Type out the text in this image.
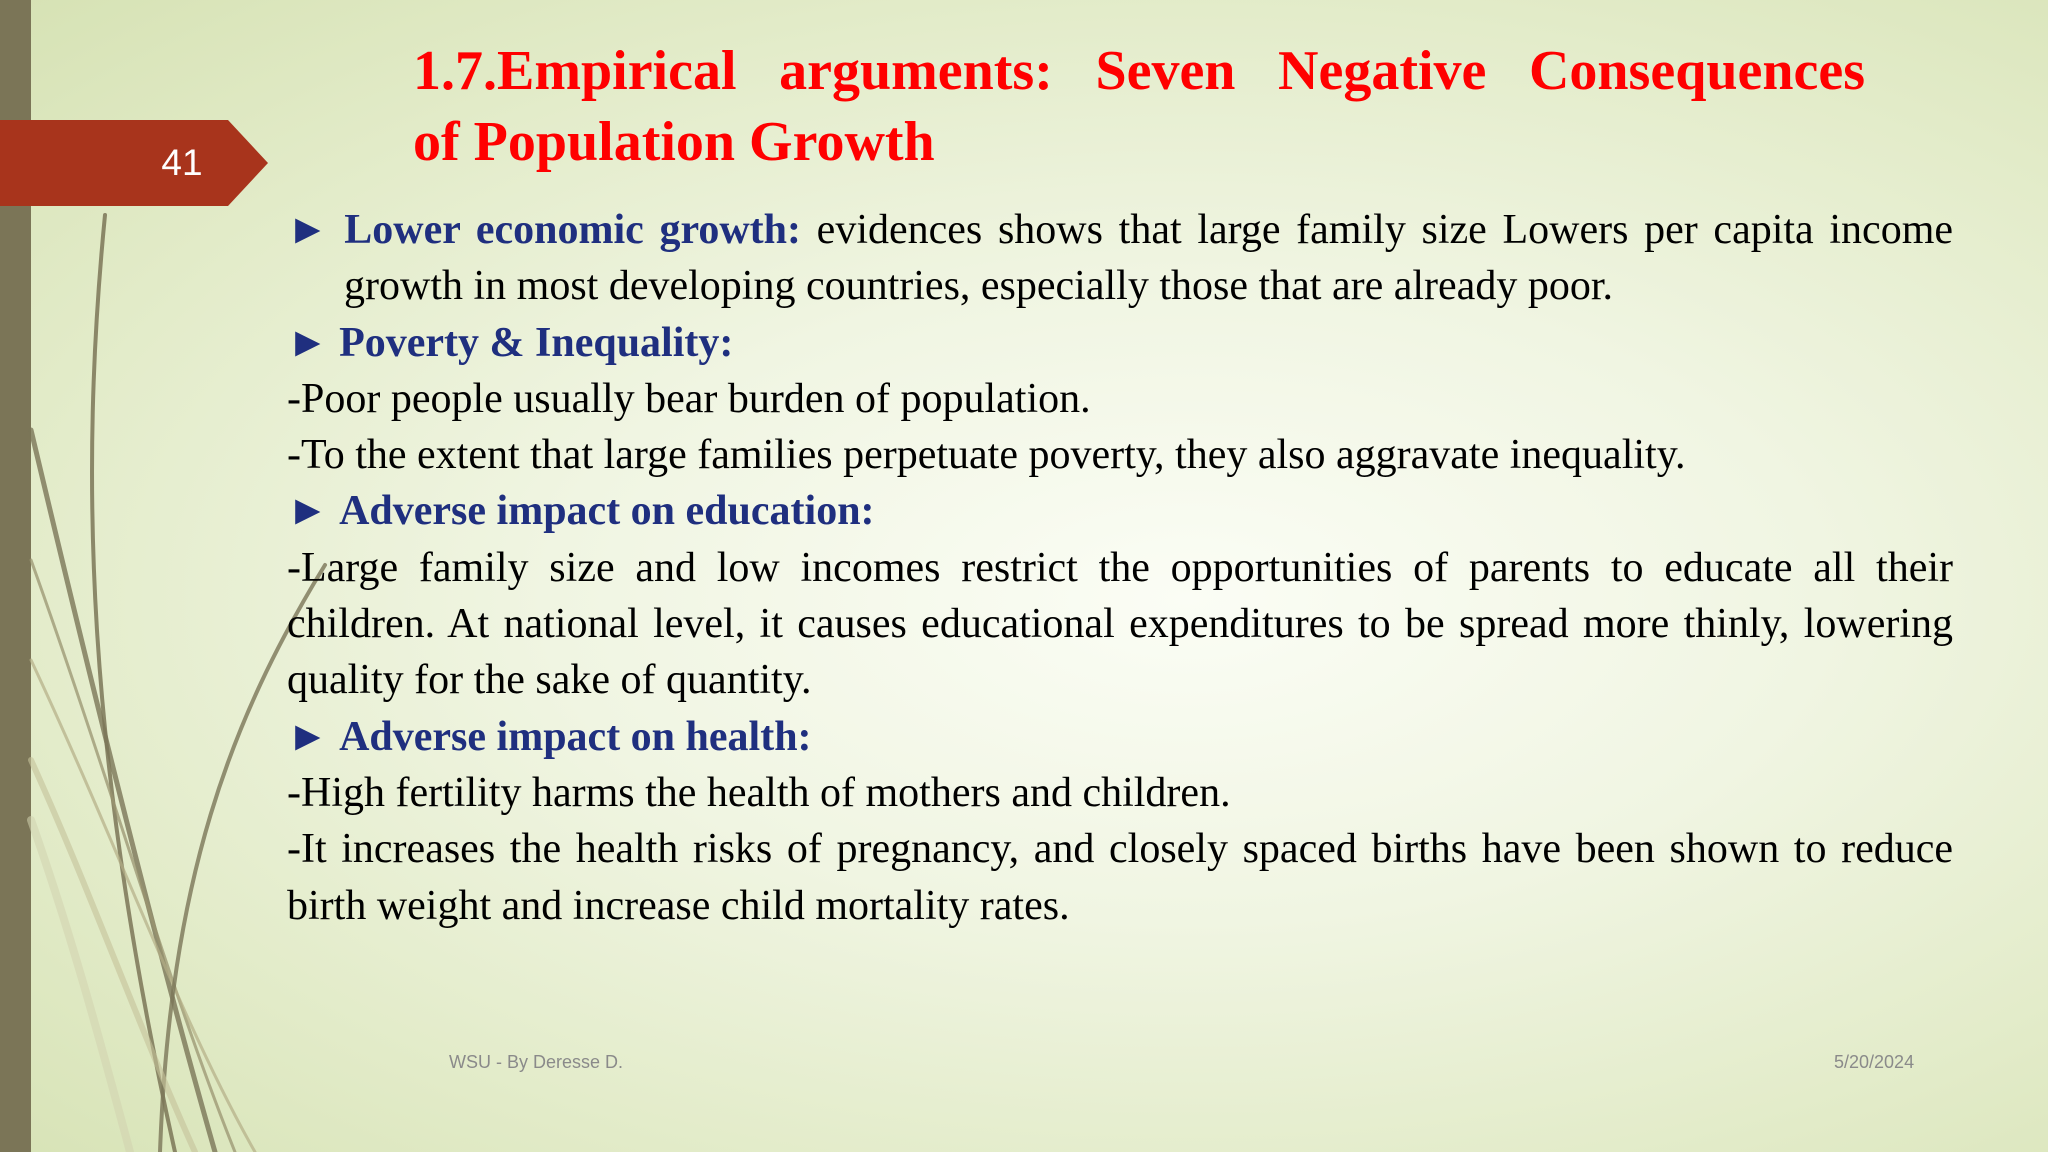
41
1.7.Empirical arguments: Seven Negative Consequences
of Population Growth

► Lower economic growth: evidences shows that large family size Lowers per capita income growth in most developing countries, especially those that are already poor.

► Poverty & Inequality:

-Poor people usually bear burden of population.

-To the extent that large families perpetuate poverty, they also aggravate inequality.

► Adverse impact on education:

-Large family size and low incomes restrict the opportunities of parents to educate all their children. At national level, it causes educational expenditures to be spread more thinly, lowering quality for the sake of quantity.

► Adverse impact on health:

-High fertility harms the health of mothers and children.

-It increases the health risks of pregnancy, and closely spaced births have been shown to reduce birth weight and increase child mortality rates.

WSU - By Deresse D.	5/20/2024
